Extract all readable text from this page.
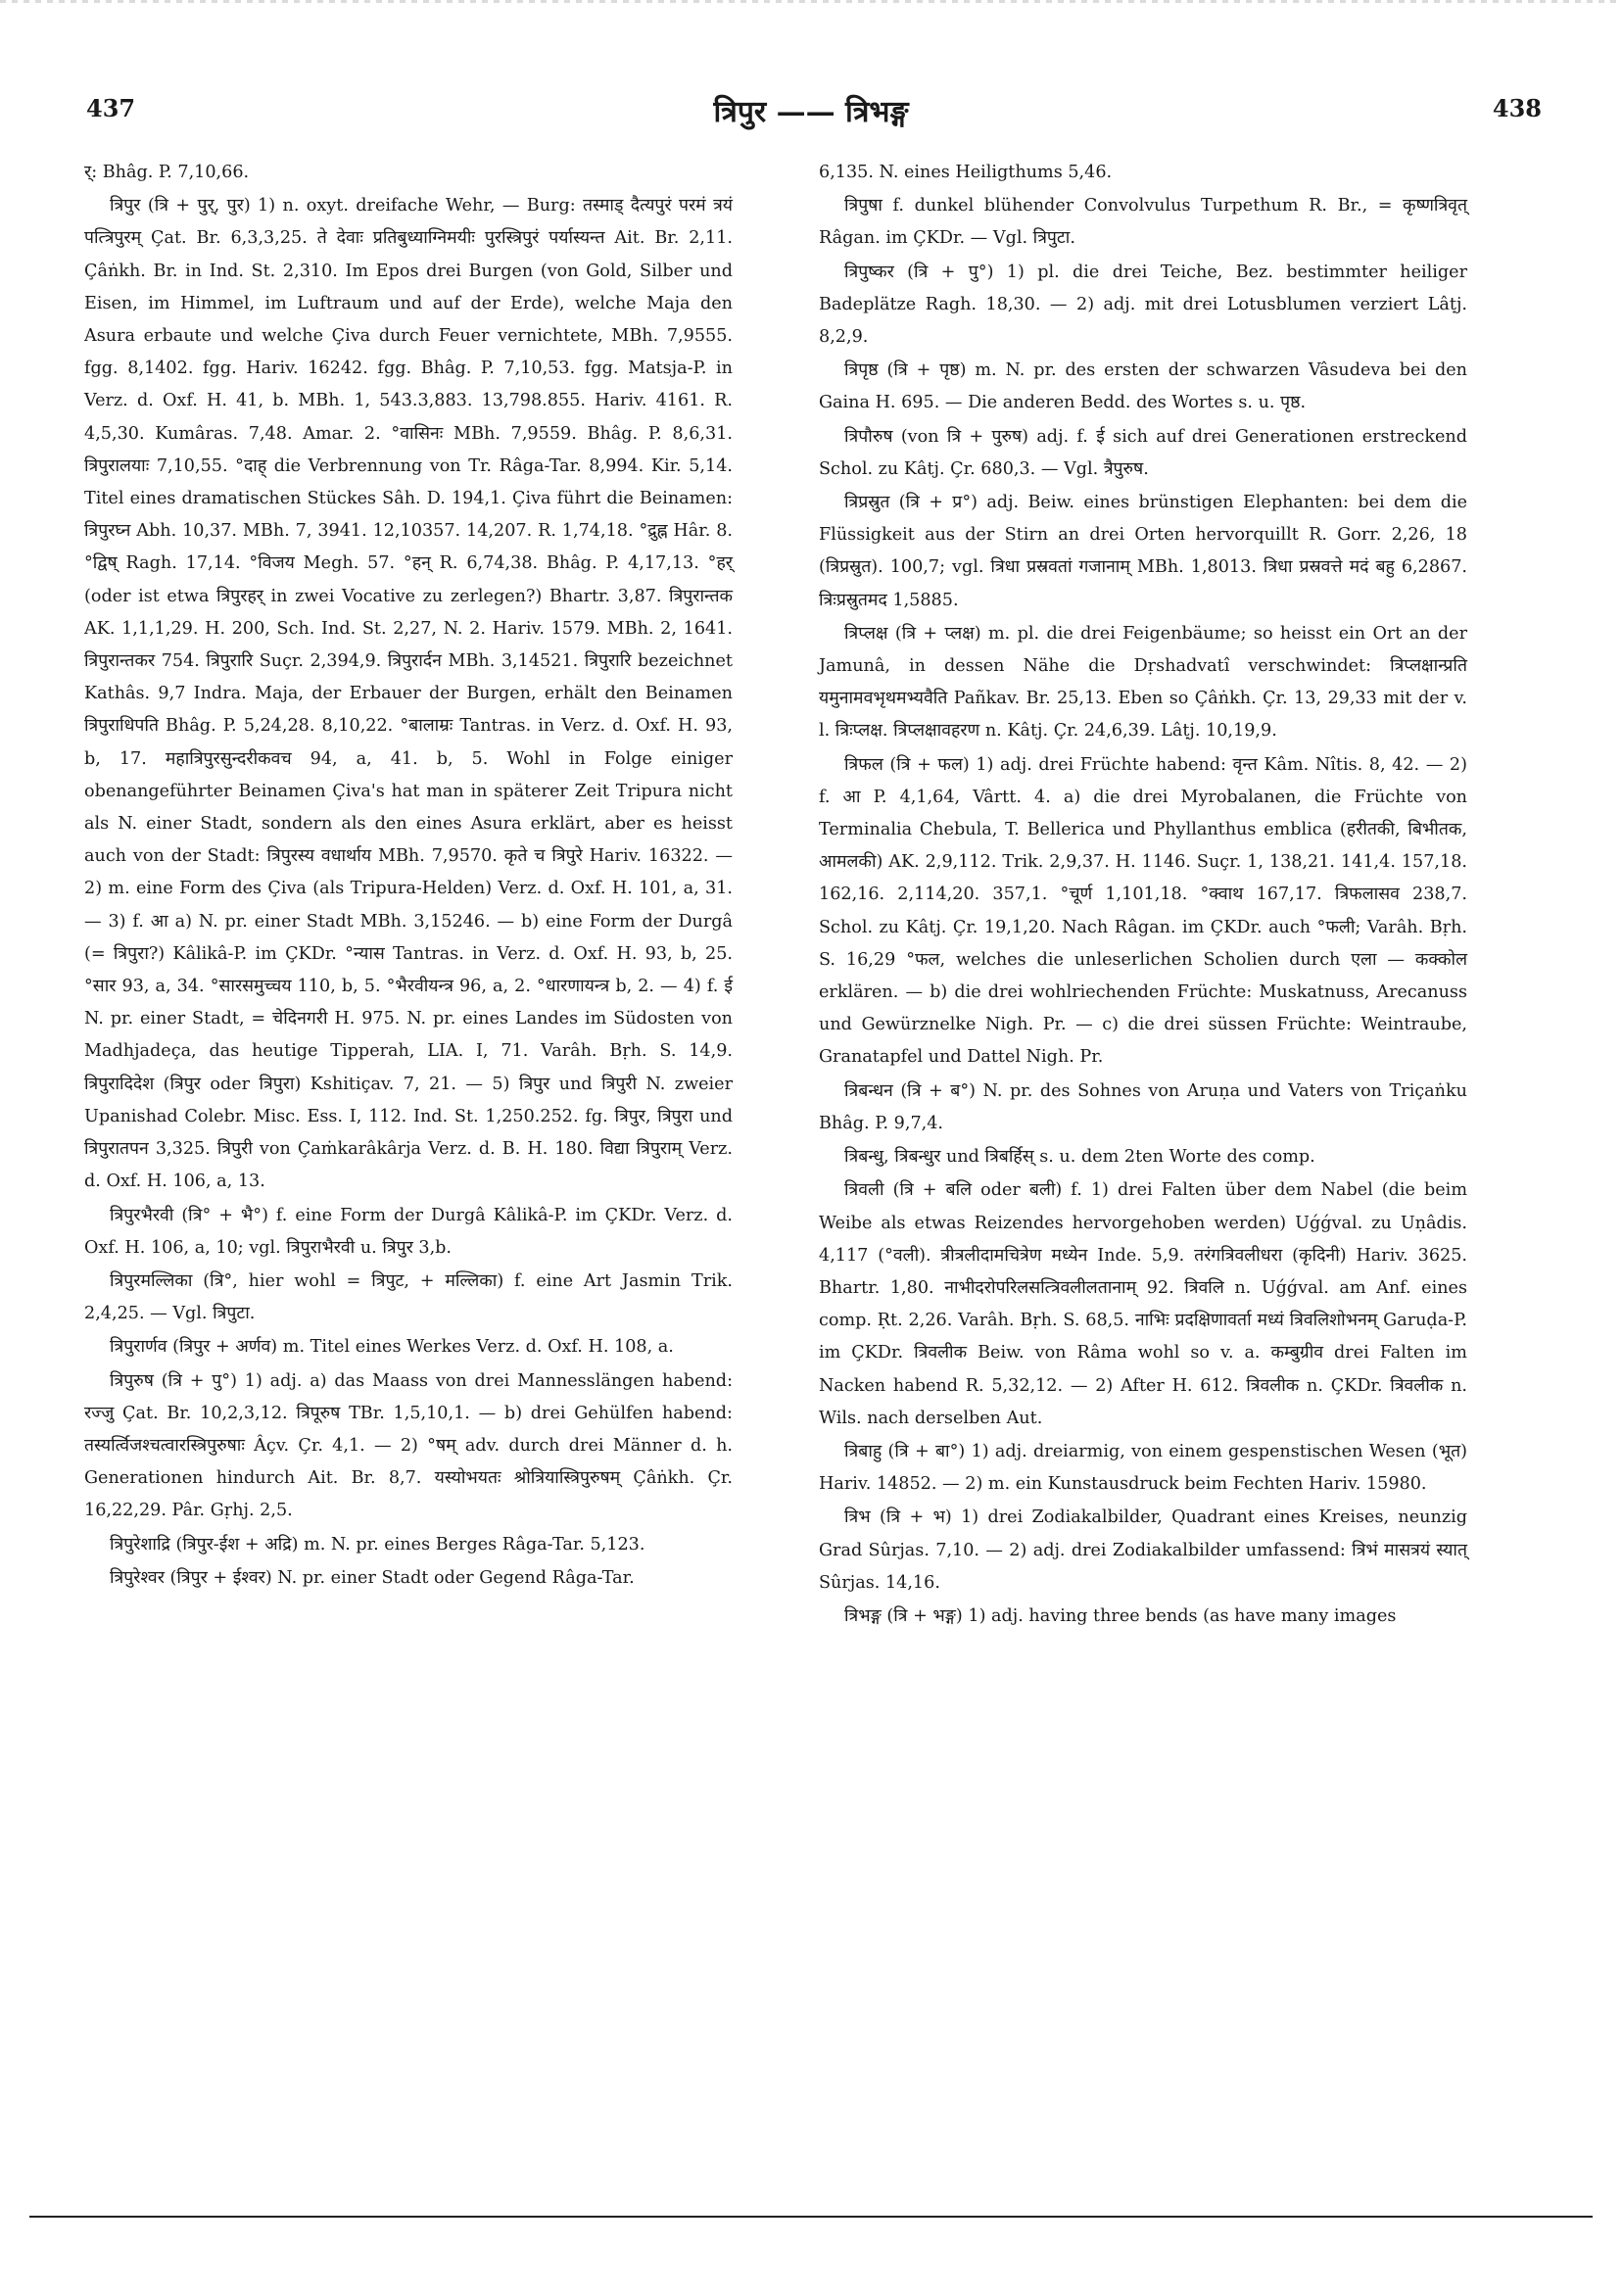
437	त्रिपुर —— त्रिभङ्ग	438

र्: Bhâg. P. 7,10,66.

त्रिपुर (त्रि + पुर्, पुर) 1) n. oxyt. dreifache Wehr, — Burg: तस्माड् दैत्यपुरं परमं त्रयं पत्त्रिपुरम् Çat. Br. 6,3,3,25. ते देवाः प्रतिबुध्याग्निमयीः पुरस्त्रिपुरं पर्यास्यन्त Ait. Br. 2,11. Çâṅkh. Br. in Ind. St. 2,310. Im Epos drei Burgen (von Gold, Silber und Eisen, im Himmel, im Luftraum und auf der Erde), welche Maja den Asura erbaute und welche Çiva durch Feuer vernichtete, MBh. 7,9555. fgg. 8,1402. fgg. Hariv. 16242. fgg. Bhâg. P. 7,10,53. fgg. Matsja-P. in Verz. d. Oxf. H. 41, b. MBh. 1, 543.3,883. 13,798.855. Hariv. 4161. R. 4,5,30. Kumâras. 7,48. Amar. 2. °वासिनः MBh. 7,9559. Bhâg. P. 8,6,31. त्रिपुरालयाः 7,10,55. °दाह् die Verbrennung von Tr. Râga-Tar. 8,994. Kir. 5,14. Titel eines dramatischen Stückes Sâh. D. 194,1. Çiva führt die Beinamen: त्रिपुरघ्न Abh. 10,37. MBh. 7, 3941. 12,10357. 14,207. R. 1,74,18. °द्रुह्न Hâr. 8. °द्विष् Ragh. 17,14. °विजय Megh. 57. °हन् R. 6,74,38. Bhâg. P. 4,17,13. °हर् (oder ist etwa त्रिपुरहर् in zwei Vocative zu zerlegen?) Bhartr. 3,87. त्रिपुरान्तक AK. 1,1,1,29. H. 200, Sch. Ind. St. 2,27, N. 2. Hariv. 1579. MBh. 2, 1641. त्रिपुरान्तकर 754. त्रिपुरारि Suçr. 2,394,9. त्रिपुरार्दन MBh. 3,14521. त्रिपुरारि bezeichnet Kathâs. 9,7 Indra. Maja, der Erbauer der Burgen, erhält den Beinamen त्रिपुराधिपति Bhâg. P. 5,24,28. 8,10,22. °बालाम्रः Tantras. in Verz. d. Oxf. H. 93, b, 17. महात्रिपुरसुन्दरीकवच 94, a, 41. b, 5. Wohl in Folge einiger obenangeführter Beinamen Çiva's hat man in späterer Zeit Tripura nicht als N. einer Stadt, sondern als den eines Asura erklärt, aber es heisst auch von der Stadt: त्रिपुरस्य वधार्थाय MBh. 7,9570. कृते च त्रिपुरे Hariv. 16322. — 2) m. eine Form des Çiva (als Tripura-Helden) Verz. d. Oxf. H. 101, a, 31. — 3) f. आ a) N. pr. einer Stadt MBh. 3,15246. — b) eine Form der Durgâ (= त्रिपुरा?) Kâlikâ-P. im ÇKDr. °न्यास Tantras. in Verz. d. Oxf. H. 93, b, 25. °सार 93, a, 34. °सारसमुच्चय 110, b, 5. °भैरवीयन्त्र 96, a, 2. °धारणायन्त्र b, 2. — 4) f. ई N. pr. einer Stadt, = चेदिनगरी H. 975. N. pr. eines Landes im Südosten von Madhjadeça, das heutige Tipperah, LIA. I, 71. Varâh. Bṛh. S. 14,9. त्रिपुरादिदेश (त्रिपुर oder त्रिपुरा) Kshitiçav. 7, 21. — 5) त्रिपुर und त्रिपुरी N. zweier Upanishad Colebr. Misc. Ess. I, 112. Ind. St. 1,250.252. fg. त्रिपुर, त्रिपुरा und त्रिपुरातपन 3,325. त्रिपुरी von Çaṁkarâkârja Verz. d. B. H. 180. विद्या त्रिपुराम् Verz. d. Oxf. H. 106, a, 13.

त्रिपुरभैरवी (त्रि° + भै°) f. eine Form der Durgâ Kâlikâ-P. im ÇKDr. Verz. d. Oxf. H. 106, a, 10; vgl. त्रिपुराभैरवी u. त्रिपुर 3,b.

त्रिपुरमल्लिका (त्रि°, hier wohl = त्रिपुट, + मल्लिका) f. eine Art Jasmin Trik. 2,4,25. — Vgl. त्रिपुटा.

त्रिपुरार्णव (त्रिपुर + अर्णव) m. Titel eines Werkes Verz. d. Oxf. H. 108, a.

त्रिपुरुष (त्रि + पु°) 1) adj. a) das Maass von drei Mannesslängen habend: रज्जु Çat. Br. 10,2,3,12. त्रिपूरुष TBr. 1,5,10,1. — b) drei Gehülfen habend: तस्यर्त्विजश्चत्वारस्त्रिपुरुषाः Âçv. Çr. 4,1. — 2) °षम् adv. durch drei Männer d. h. Generationen hindurch Ait. Br. 8,7. यस्योभयतः श्रोत्रियास्त्रिपुरुषम् Çâṅkh. Çr. 16,22,29. Pâr. Gṛhj. 2,5.

त्रिपुरेशाद्रि (त्रिपुर-ईश + अद्रि) m. N. pr. eines Berges Râga-Tar. 5,123.

त्रिपुरेश्वर (त्रिपुर + ईश्वर) N. pr. einer Stadt oder Gegend Râga-Tar.

6,135. N. eines Heiligthums 5,46.

त्रिपुषा f. dunkel blühender Convolvulus Turpethum R. Br., = कृष्णत्रिवृत् Râgan. im ÇKDr. — Vgl. त्रिपुटा.

त्रिपुष्कर (त्रि + पु°) 1) pl. die drei Teiche, Bez. bestimmter heiliger Badeplätze Ragh. 18,30. — 2) adj. mit drei Lotusblumen verziert Lâṭj. 8,2,9.

त्रिपृष्ठ (त्रि + पृष्ठ) m. N. pr. des ersten der schwarzen Vâsudeva bei den Gaina H. 695. — Die anderen Bedd. des Wortes s. u. पृष्ठ.

त्रिपौरुष (von त्रि + पुरुष) adj. f. ई sich auf drei Generationen erstreckend Schol. zu Kâtj. Çr. 680,3. — Vgl. त्रैपुरुष.

त्रिप्रस्रुत (त्रि + प्र°) adj. Beiw. eines brünstigen Elephanten: bei dem die Flüssigkeit aus der Stirn an drei Orten hervorquillt R. Gorr. 2,26, 18 (त्रिप्रस्रुत). 100,7; vgl. त्रिधा प्रस्रवतां गजानाम् MBh. 1,8013. त्रिधा प्रस्रवत्ते मदं बहु 6,2867. त्रिःप्रस्रुतमद 1,5885.

त्रिप्लक्ष (त्रि + प्लक्ष) m. pl. die drei Feigenbäume; so heisst ein Ort an der Jamunâ, in dessen Nähe die Dṛshadvatî verschwindet: त्रिप्लक्षान्प्रति यमुनामवभृथमभ्यवैति Pañkav. Br. 25,13. Eben so Çâṅkh. Çr. 13, 29,33 mit der v. l. त्रिःप्लक्ष. त्रिप्लक्षावहरण n. Kâtj. Çr. 24,6,39. Lâṭj. 10,19,9.

त्रिफल (त्रि + फल) 1) adj. drei Früchte habend: वृन्त Kâm. Nîtis. 8, 42. — 2) f. आ P. 4,1,64, Vârtt. 4. a) die drei Myrobalanen, die Früchte von Terminalia Chebula, T. Bellerica und Phyllanthus emblica (हरीतकी, बिभीतक, आमलकी) AK. 2,9,112. Trik. 2,9,37. H. 1146. Suçr. 1, 138,21. 141,4. 157,18. 162,16. 2,114,20. 357,1. °चूर्ण 1,101,18. °क्वाथ 167,17. त्रिफलासव 238,7. Schol. zu Kâtj. Çr. 19,1,20. Nach Râgan. im ÇKDr. auch °फली; Varâh. Bṛh. S. 16,29 °फल, welches die unleserlichen Scholien durch एला — कक्कोल erklären. — b) die drei wohlriechenden Früchte: Muskatnuss, Arecanuss und Gewürznelke Nigh. Pr. — c) die drei süssen Früchte: Weintraube, Granatapfel und Dattel Nigh. Pr.

त्रिबन्धन (त्रि + ब°) N. pr. des Sohnes von Aruṇa und Vaters von Triçaṅku Bhâg. P. 9,7,4.

त्रिबन्धु, त्रिबन्धुर und त्रिबर्हिस् s. u. dem 2ten Worte des comp.

त्रिवली (त्रि + बलि oder बली) f. 1) drei Falten über dem Nabel (die beim Weibe als etwas Reizendes hervorgehoben werden) Uǵǵval. zu Uṇâdis. 4,117 (°वली). त्रीत्रलीदामचित्रेण मध्येन Inde. 5,9. तरंगत्रिवलीधरा (कृदिनी) Hariv. 3625. Bhartr. 1,80. नाभीदरोपरिलसत्त्रिवलीलतानाम् 92. त्रिवलि n. Uǵǵval. am Anf. eines comp. Ṛt. 2,26. Varâh. Bṛh. S. 68,5. नाभिः प्रदक्षिणावर्ता मध्यं त्रिवलिशोभनम् Garuḍa-P. im ÇKDr. त्रिवलीक Beiw. von Râma wohl so v. a. कम्बुग्रीव drei Falten im Nacken habend R. 5,32,12. — 2) After H. 612. त्रिवलीक n. ÇKDr. त्रिवलीक n. Wils. nach derselben Aut.

त्रिबाहु (त्रि + बा°) 1) adj. dreiarmig, von einem gespenstischen Wesen (भूत) Hariv. 14852. — 2) m. ein Kunstausdruck beim Fechten Hariv. 15980.

त्रिभ (त्रि + भ) 1) drei Zodiakalbilder, Quadrant eines Kreises, neunzig Grad Sûrjas. 7,10. — 2) adj. drei Zodiakalbilder umfassend: त्रिभं मासत्रयं स्यात् Sûrjas. 14,16.

त्रिभङ्ग (त्रि + भङ्ग) 1) adj. having three bends (as have many images
